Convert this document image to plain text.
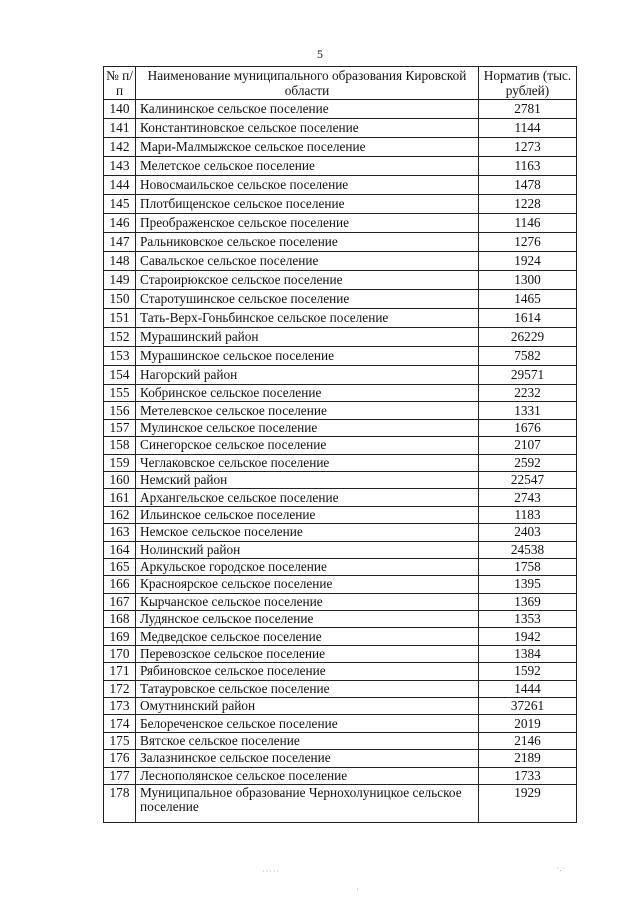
5
№ п/п	Наименование муниципального образования Кировской области	Норматив (тыс. рублей)
140	Калининское сельское поселение	2781
141	Константиновское сельское поселение	1144
142	Мари-Малмыжское сельское поселение	1273
143	Мелетское сельское поселение	1163
144	Новосмаильское сельское поселение	1478
145	Плотбищенское сельское поселение	1228
146	Преображенское сельское поселение	1146
147	Ральниковское сельское поселение	1276
148	Савальское сельское поселение	1924
149	Староирюкское сельское поселение	1300
150	Старотушинское сельское поселение	1465
151	Тать-Верх-Гоньбинское сельское поселение	1614
152	Мурашинский район	26229
153	Мурашинское сельское поселение	7582
154	Нагорский район	29571
155	Кобринское сельское поселение	2232
156	Метелевское сельское поселение	1331
157	Мулинское сельское поселение	1676
158	Синегорское сельское поселение	2107
159	Чеглаковское сельское поселение	2592
160	Немский район	22547
161	Архангельское сельское поселение	2743
162	Ильинское сельское поселение	1183
163	Немское сельское поселение	2403
164	Нолинский район	24538
165	Аркульское городское поселение	1758
166	Красноярское сельское поселение	1395
167	Кырчанское сельское поселение	1369
168	Лудянское сельское поселение	1353
169	Медведское сельское поселение	1942
170	Перевозское сельское поселение	1384
171	Рябиновское сельское поселение	1592
172	Татауровское сельское поселение	1444
173	Омутнинский район	37261
174	Белореченское сельское поселение	2019
175	Вятское сельское поселение	2146
176	Залазнинское сельское поселение	2189
177	Леснополянское сельское поселение	1733
178	Муниципальное образование Чернохолуницкое сельское поселение	1929
·····	·.·
'
